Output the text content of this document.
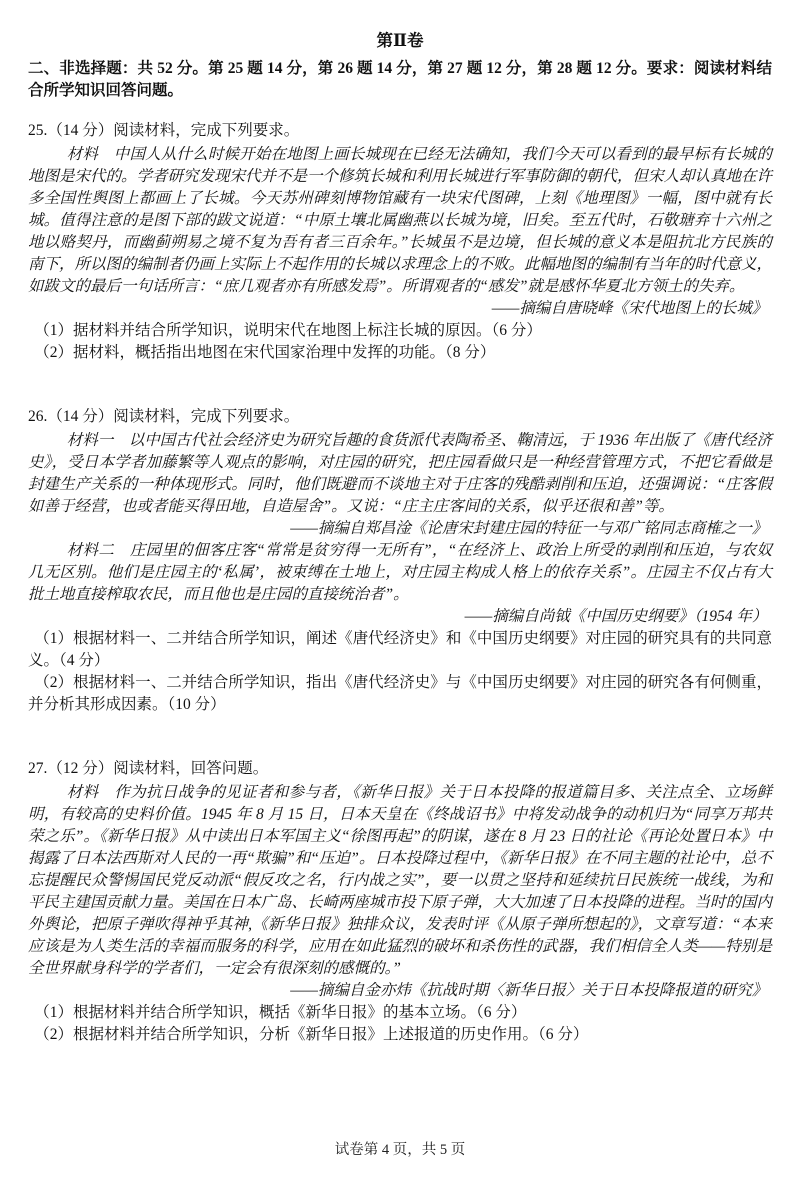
第Ⅱ卷
二、非选择题：共 52 分。第 25 题 14 分，第 26 题 14 分，第 27 题 12 分，第 28 题 12 分。要求：阅读材料结合所学知识回答问题。

25.（14 分）阅读材料，完成下列要求。

材料　中国人从什么时候开始在地图上画长城现在已经无法确知，我们今天可以看到的最早标有长城的地图是宋代的。学者研究发现宋代并不是一个修筑长城和利用长城进行军事防御的朝代，但宋人却认真地在许多全国性舆图上都画上了长城。今天苏州碑刻博物馆藏有一块宋代图碑，上刻《地理图》一幅，图中就有长城。值得注意的是图下部的跋文说道：“中原土壤北属幽燕以长城为境，旧矣。至五代时，石敬瑭弃十六州之地以赂契丹，而幽蓟朔易之境不复为吾有者三百余年。”长城虽不是边境，但长城的意义本是阻抗北方民族的南下，所以图的编制者仍画上实际上不起作用的长城以求理念上的不败。此幅地图的编制有当年的时代意义，如跋文的最后一句话所言：“庶几观者亦有所感发焉”。所谓观者的“感发”就是感怀华夏北方领土的失弃。

——摘编自唐晓峰《宋代地图上的长城》

（1）据材料并结合所学知识，说明宋代在地图上标注长城的原因。（6 分）

（2）据材料，概括指出地图在宋代国家治理中发挥的功能。（8 分）

26.（14 分）阅读材料，完成下列要求。

材料一　以中国古代社会经济史为研究旨趣的食货派代表陶希圣、鞠清远，于 1936 年出版了《唐代经济史》，受日本学者加藤繁等人观点的影响，对庄园的研究，把庄园看做只是一种经营管理方式，不把它看做是封建生产关系的一种体现形式。同时，他们既避而不谈地主对于庄客的残酷剥削和压迫，还强调说：“庄客假如善于经营，也或者能买得田地，自造屋舍”。又说：“庄主庄客间的关系，似乎还很和善”等。

——摘编自郑昌淦《论唐宋封建庄园的特征一与邓广铭同志商榷之一》

材料二　庄园里的佃客庄客“常常是贫穷得一无所有”，“在经济上、政治上所受的剥削和压迫，与农奴几无区别。他们是庄园主的‘私属’，被束缚在土地上，对庄园主构成人格上的依存关系”。庄园主不仅占有大批土地直接榨取农民，而且他也是庄园的直接统治者”。

——摘编自尚钺《中国历史纲要》（1954 年）

（1）根据材料一、二并结合所学知识，阐述《唐代经济史》和《中国历史纲要》对庄园的研究具有的共同意义。（4 分）

（2）根据材料一、二并结合所学知识，指出《唐代经济史》与《中国历史纲要》对庄园的研究各有何侧重，并分析其形成因素。（10 分）

27.（12 分）阅读材料，回答问题。

材料　作为抗日战争的见证者和参与者，《新华日报》关于日本投降的报道篇目多、关注点全、立场鲜明，有较高的史料价值。1945 年 8 月 15 日，日本天皇在《终战诏书》中将发动战争的动机归为“同享万邦共荣之乐”。《新华日报》从中读出日本军国主义“徐图再起”的阴谋，遂在 8 月 23 日的社论《再论处置日本》中揭露了日本法西斯对人民的一再“欺骗”和“压迫”。日本投降过程中，《新华日报》在不同主题的社论中，总不忘提醒民众警惕国民党反动派“假反攻之名，行内战之实”，要一以贯之坚持和延续抗日民族统一战线，为和平民主建国贡献力量。美国在日本广岛、长崎两座城市投下原子弹，大大加速了日本投降的进程。当时的国内外舆论，把原子弹吹得神乎其神,《新华日报》独排众议，发表时评《从原子弹所想起的》，文章写道：“本来应该是为人类生活的幸福而服务的科学，应用在如此猛烈的破坏和杀伤性的武器，我们相信全人类——特别是全世界献身科学的学者们，一定会有很深刻的感慨的。”

——摘编自金亦炜《抗战时期〈新华日报〉关于日本投降报道的研究》

（1）根据材料并结合所学知识，概括《新华日报》的基本立场。（6 分）

（2）根据材料并结合所学知识，分析《新华日报》上述报道的历史作用。（6 分）

试卷第 4 页，共 5 页
